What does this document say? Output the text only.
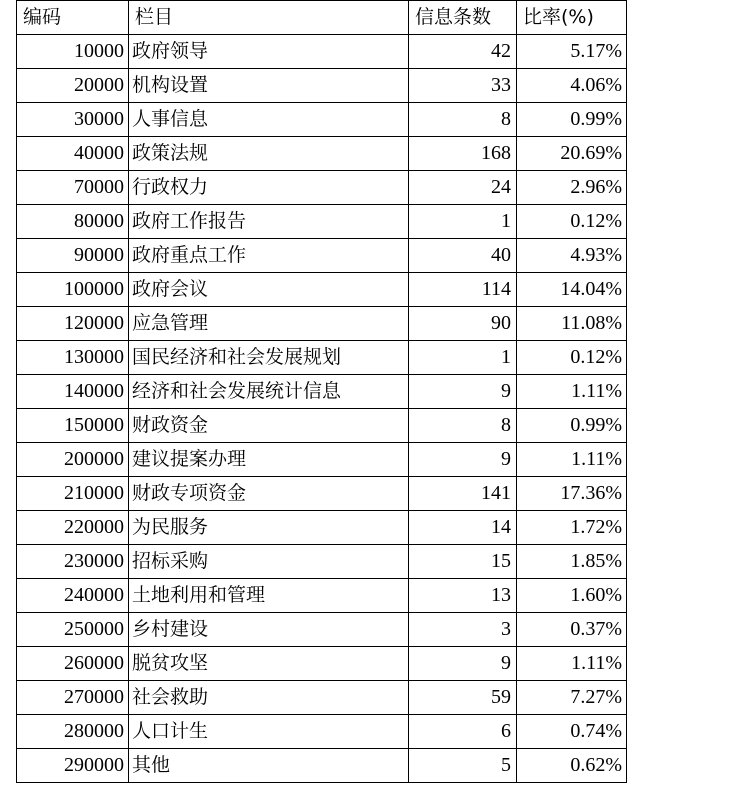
编码	栏目	信息条数	比率(%)
10000	政府领导	42	5.17%
20000	机构设置	33	4.06%
30000	人事信息	8	0.99%
40000	政策法规	168	20.69%
70000	行政权力	24	2.96%
80000	政府工作报告	1	0.12%
90000	政府重点工作	40	4.93%
100000	政府会议	114	14.04%
120000	应急管理	90	11.08%
130000	国民经济和社会发展规划	1	0.12%
140000	经济和社会发展统计信息	9	1.11%
150000	财政资金	8	0.99%
200000	建议提案办理	9	1.11%
210000	财政专项资金	141	17.36%
220000	为民服务	14	1.72%
230000	招标采购	15	1.85%
240000	土地利用和管理	13	1.60%
250000	乡村建设	3	0.37%
260000	脱贫攻坚	9	1.11%
270000	社会救助	59	7.27%
280000	人口计生	6	0.74%
290000	其他	5	0.62%
